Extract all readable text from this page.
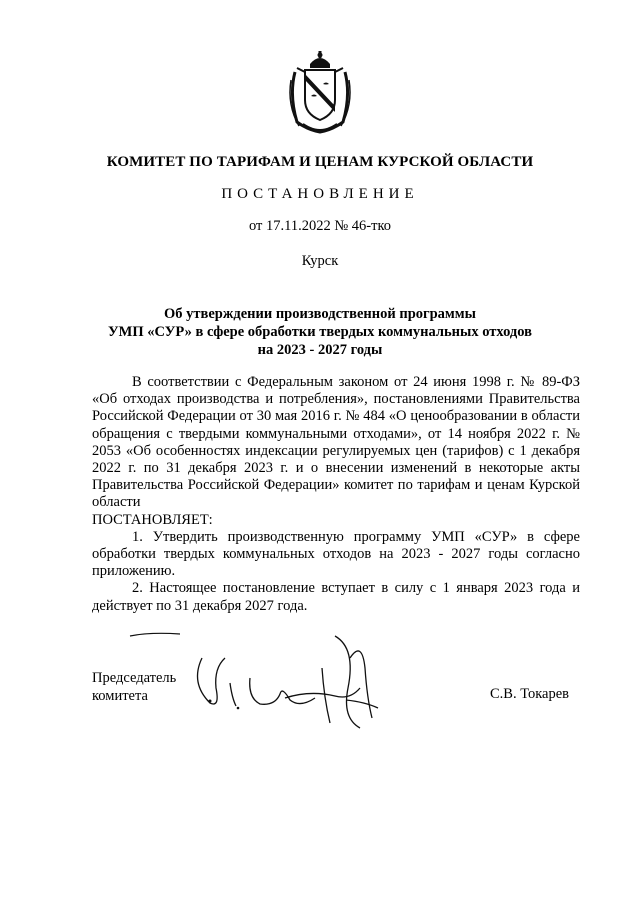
КОМИТЕТ ПО ТАРИФАМ И ЦЕНАМ КУРСКОЙ ОБЛАСТИ
ПОСТАНОВЛЕНИЕ
от 17.11.2022 № 46-тко
Курск
Об утверждении производственной программы
УМП «СУР» в сфере обработки твердых коммунальных отходов
на 2023 - 2027 годы

В соответствии с Федеральным законом от 24 июня 1998 г. № 89-ФЗ «Об отходах производства и потребления», постановлениями Правительства Российской Федерации от 30 мая 2016 г. № 484 «О ценообразовании в области обращения с твердыми коммунальными отходами», от 14 ноября 2022 г. № 2053 «Об особенностях индексации регулируемых цен (тарифов) с 1 декабря 2022 г. по 31 декабря 2023 г. и о внесении изменений в некоторые акты Правительства Российской Федерации» комитет по тарифам и ценам Курской области

ПОСТАНОВЛЯЕТ:

1. Утвердить производственную программу УМП «СУР» в сфере обработки твердых коммунальных отходов на 2023 - 2027 годы согласно приложению.

2. Настоящее постановление вступает в силу с 1 января 2023 года и действует по 31 декабря 2027 года.

Председатель
комитета	С.В. Токарев
